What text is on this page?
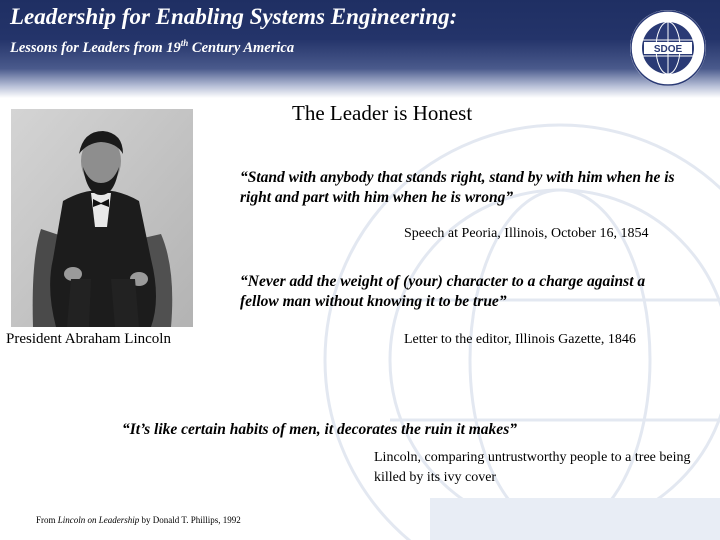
Leadership for Enabling Systems Engineering:
Lessons for Leaders from 19th Century America	SDOE
The Leader is Honest
President Abraham Lincoln
“Stand with anybody that stands right, stand by with him when he is right and part with him when he is wrong”
Speech at Peoria, Illinois, October 16, 1854
“Never add the weight of (your) character to a charge against a fellow man without knowing it to be true”
Letter to the editor, Illinois Gazette, 1846
“It’s like certain habits of men, it decorates the ruin it makes”
Lincoln, comparing untrustworthy people to a tree being killed by its ivy cover
From Lincoln on Leadership by Donald T. Phillips, 1992
